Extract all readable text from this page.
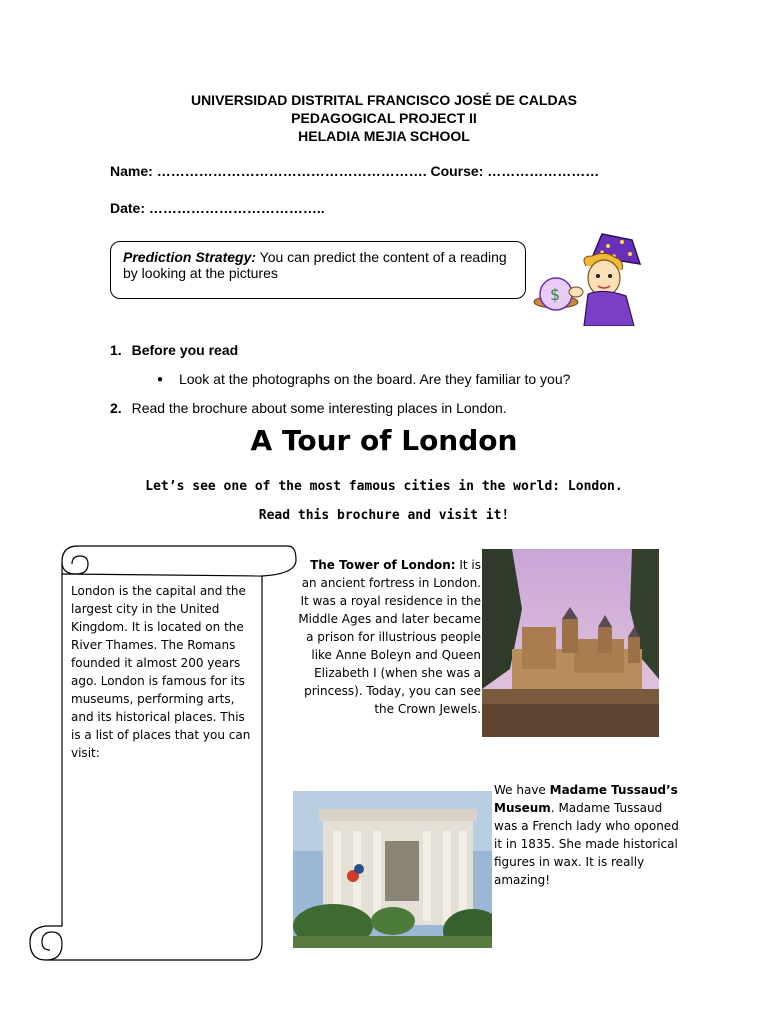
UNIVERSIDAD DISTRITAL FRANCISCO JOSÉ DE CALDAS
PEDAGOGICAL PROJECT II
HELADIA MEJIA SCHOOL
Name: …………………………………………………. Course: ……………………
Date: ………………………………..
Prediction Strategy: You can predict the content of a reading by looking at the pictures
$
1. Before you read
● Look at the photographs on the board. Are they familiar to you?
2. Read the brochure about some interesting places in London.
A Tour of London
Let’s see one of the most famous cities in the world: London.
Read this brochure and visit it!
London is the capital and the largest city in the United Kingdom. It is located on the River Thames. The Romans founded it almost 200 years ago. London is famous for its museums, performing arts, and its historical places. This is a list of places that you can visit:
The Tower of London: It is an ancient fortress in London. It was a royal residence in the Middle Ages and later became a prison for illustrious people like Anne Boleyn and Queen Elizabeth I (when she was a princess). Today, you can see the Crown Jewels.
We have Madame Tussaud’s Museum. Madame Tussaud was a French lady who oponed it in 1835. She made historical figures in wax. It is really amazing!
